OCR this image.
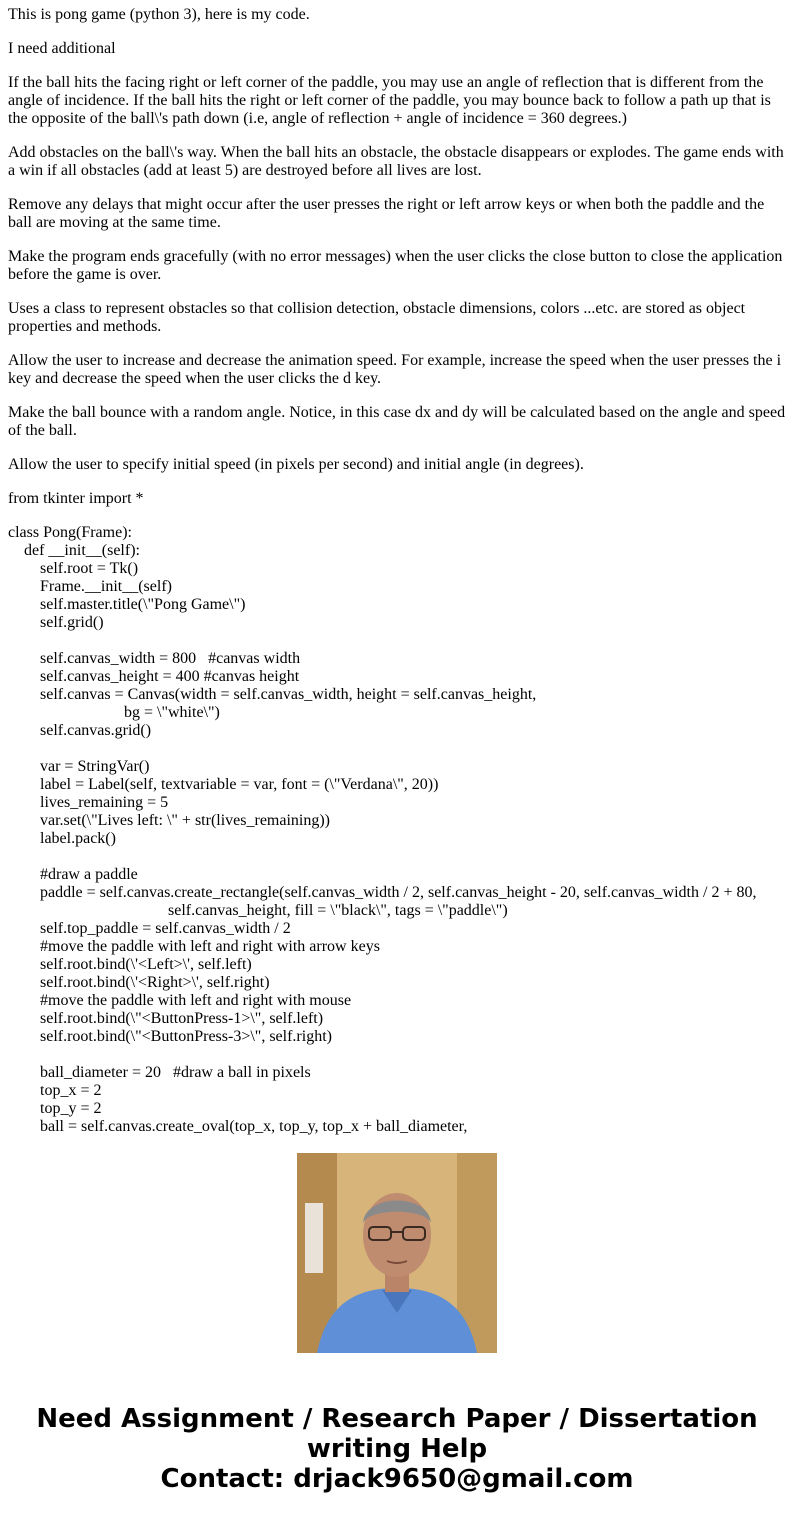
This is pong game (python 3), here is my code.

I need additional

If the ball hits the facing right or left corner of the paddle, you may use an angle of reflection that is different from the angle of incidence. If the ball hits the right or left corner of the paddle, you may bounce back to follow a path up that is the opposite of the ball\'s path down (i.e, angle of reflection + angle of incidence = 360 degrees.)

Add obstacles on the ball\'s way. When the ball hits an obstacle, the obstacle disappears or explodes. The game ends with a win if all obstacles (add at least 5) are destroyed before all lives are lost.

Remove any delays that might occur after the user presses the right or left arrow keys or when both the paddle and the ball are moving at the same time.

Make the program ends gracefully (with no error messages) when the user clicks the close button to close the application before the game is over.

Uses a class to represent obstacles so that collision detection, obstacle dimensions, colors ...etc. are stored as object properties and methods.

Allow the user to increase and decrease the animation speed. For example, increase the speed when the user presses the i key and decrease the speed when the user clicks the d key.

Make the ball bounce with a random angle. Notice, in this case dx and dy will be calculated based on the angle and speed of the ball.

Allow the user to specify initial speed (in pixels per second) and initial angle (in degrees).

from tkinter import *

class Pong(Frame):
def __init__(self):
self.root = Tk()
Frame.__init__(self)
self.master.title(\"Pong Game\")
self.grid()

self.canvas_width = 800   #canvas width
self.canvas_height = 400 #canvas height
self.canvas = Canvas(width = self.canvas_width, height = self.canvas_height,
bg = \"white\")
self.canvas.grid()

var = StringVar()
label = Label(self, textvariable = var, font = (\"Verdana\", 20))
lives_remaining = 5
var.set(\"Lives left: \" + str(lives_remaining))
label.pack()

#draw a paddle
paddle = self.canvas.create_rectangle(self.canvas_width / 2, self.canvas_height - 20, self.canvas_width / 2 + 80,
self.canvas_height, fill = \"black\", tags = \"paddle\")
self.top_paddle = self.canvas_width / 2
#move the paddle with left and right with arrow keys
self.root.bind(\'<Left>\', self.left)
self.root.bind(\'<Right>\', self.right)
#move the paddle with left and right with mouse
self.root.bind(\"<ButtonPress-1>\", self.left)
self.root.bind(\"<ButtonPress-3>\", self.right)

ball_diameter = 20   #draw a ball in pixels
top_x = 2
top_y = 2
ball = self.canvas.create_oval(top_x, top_y, top_x + ball_diameter,
Need Assignment / Research Paper / Dissertation
writing Help
Contact: drjack9650@gmail.com
